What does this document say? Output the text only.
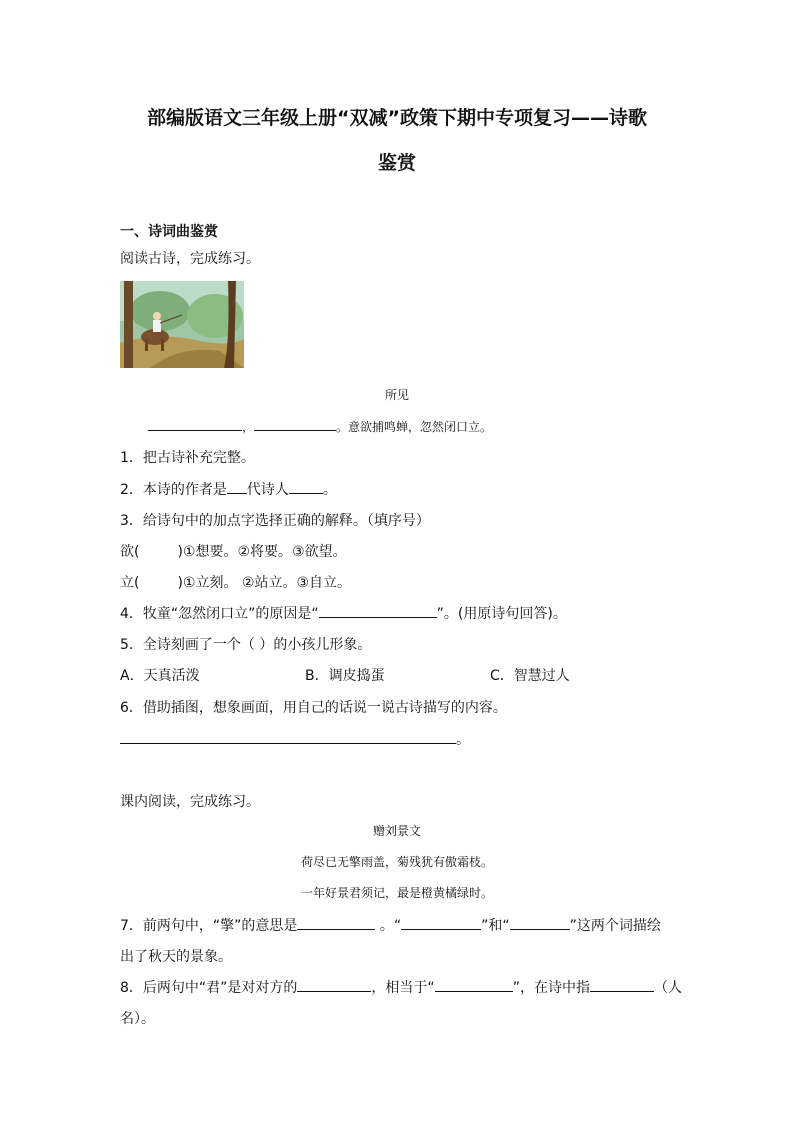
部编版语文三年级上册“双减”政策下期中专项复习——诗歌
鉴赏
一、诗词曲鉴赏
阅读古诗，完成练习。
所见
，	。意欲捕鸣蝉，忽然闭口立。
1．把古诗补充完整。
2．本诗的作者是 代诗人 。
3．给诗句中的加点字选择正确的解释。（填序号）
欲(	)①想要。②将要。③欲望。
立(	)①立刻。 ②站立。③自立。
4．牧童“忽然闭口立”的原因是“	”。(用原诗句回答)。
5．全诗刻画了一个（ ）的小孩儿形象。
A．天真活泼	B．调皮捣蛋	C．智慧过人
6．借助插图，想象画面，用自己的话说一说古诗描写的内容。
。
课内阅读，完成练习。
赠刘景文
荷尽已无擎雨盖，菊残犹有傲霜枝。
一年好景君须记，最是橙黄橘绿时。
7．前两句中，“擎”的意思是	。“	”和“	”这两个词描绘
出了秋天的景象。
8．后两句中“君”是对对方的	，相当于“	”，在诗中指	（人
名）。
